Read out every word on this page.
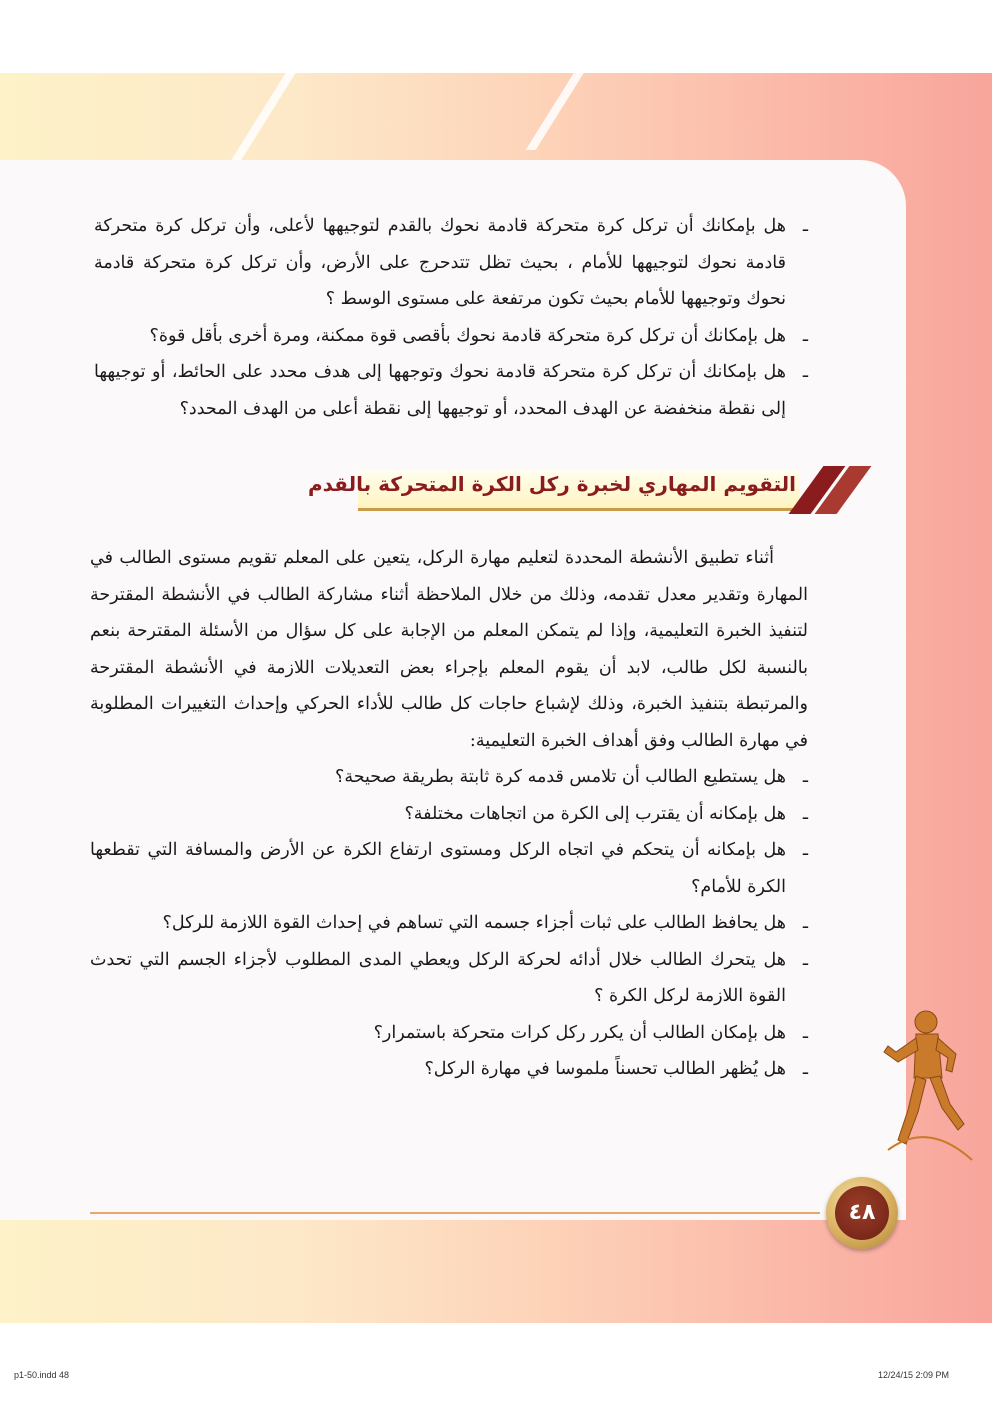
ـ
هل بإمكانك أن تركل كرة متحركة قادمة نحوك بالقدم لتوجيهها لأعلى، وأن تركل كرة متحركة قادمة نحوك لتوجيهها للأمام ، بحيث تظل تتدحرج على الأرض، وأن تركل كرة متحركة قادمة نحوك وتوجيهها للأمام بحيث تكون مرتفعة على مستوى الوسط ؟

ـ
هل بإمكانك أن تركل كرة متحركة قادمة نحوك بأقصى قوة ممكنة، ومرة أخرى بأقل قوة؟

ـ
هل بإمكانك أن تركل كرة متحركة قادمة نحوك وتوجهها إلى هدف محدد على الحائط، أو توجيهها إلى نقطة منخفضة عن الهدف المحدد، أو توجيهها إلى نقطة أعلى من الهدف المحدد؟

التقويم المهاري لخبرة ركل الكرة المتحركة بالقدم

أثناء تطبيق الأنشطة المحددة لتعليم مهارة الركل، يتعين على المعلم تقويم مستوى الطالب في المهارة وتقدير معدل تقدمه، وذلك من خلال الملاحظة أثناء مشاركة الطالب في الأنشطة المقترحة لتنفيذ الخبرة التعليمية، وإذا لم يتمكن المعلم من الإجابة على كل سؤال من الأسئلة المقترحة بنعم بالنسبة لكل طالب، لابد أن يقوم المعلم بإجراء بعض التعديلات اللازمة في الأنشطة المقترحة والمرتبطة بتنفيذ الخبرة، وذلك لإشباع حاجات كل طالب للأداء الحركي وإحداث التغييرات المطلوبة في مهارة الطالب وفق أهداف الخبرة التعليمية:

ـ
هل يستطيع الطالب أن تلامس قدمه كرة ثابتة بطريقة صحيحة؟

ـ
هل بإمكانه أن يقترب إلى الكرة من اتجاهات مختلفة؟

ـ
هل بإمكانه أن يتحكم في اتجاه الركل ومستوى ارتفاع الكرة عن الأرض والمسافة التي تقطعها الكرة للأمام؟

ـ
هل يحافظ الطالب على ثبات أجزاء جسمه التي تساهم في إحداث القوة اللازمة للركل؟

ـ
هل يتحرك الطالب خلال أدائه لحركة الركل ويعطي المدى المطلوب لأجزاء الجسم التي تحدث القوة اللازمة لركل الكرة ؟

ـ
هل بإمكان الطالب أن يكرر ركل كرات متحركة باستمرار؟

ـ
هل يُظهر الطالب تحسناً ملموسا في مهارة الركل؟

٤٨
p1-50.indd 48	12/24/15 2:09 PM
